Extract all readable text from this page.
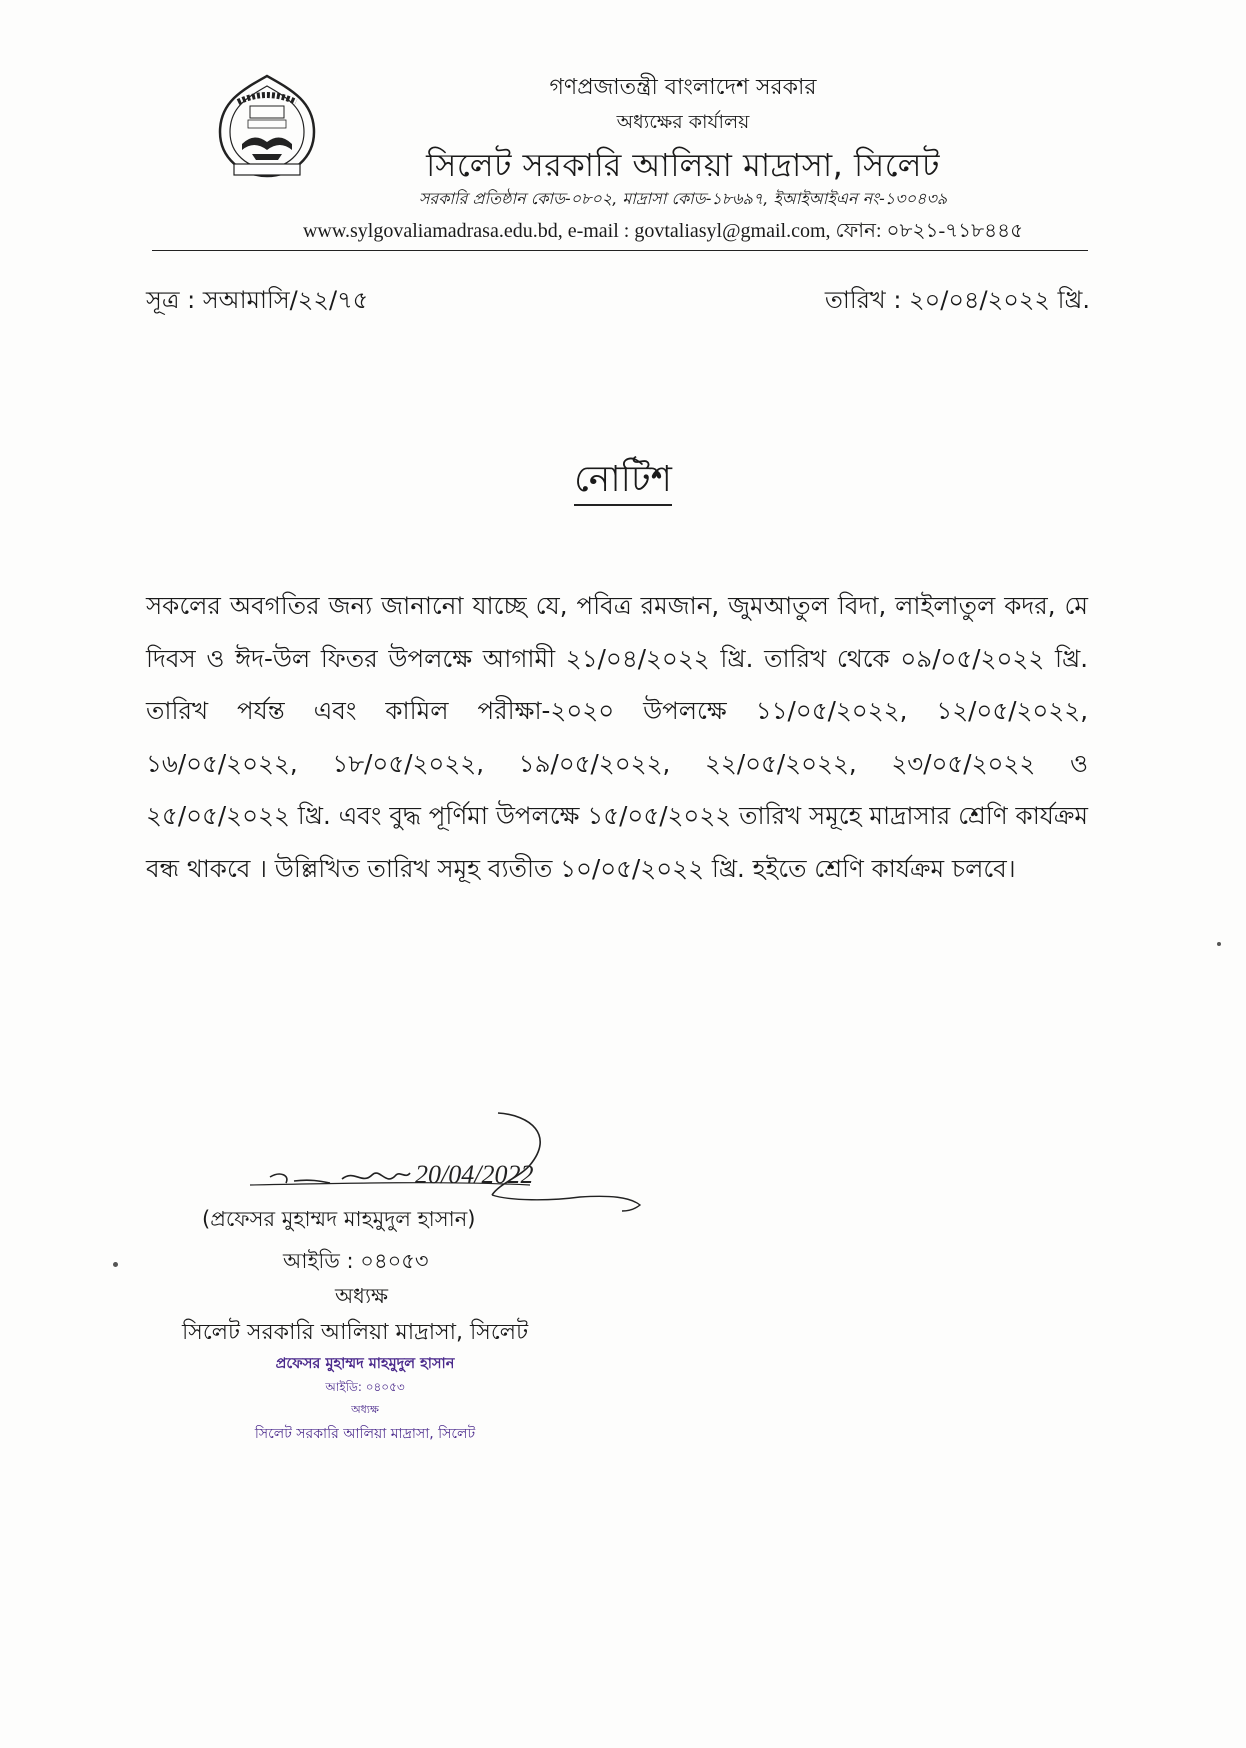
গণপ্রজাতন্ত্রী বাংলাদেশ সরকার
অধ্যক্ষের কার্যালয়
সিলেট সরকারি আলিয়া মাদ্রাসা, সিলেট
সরকারি প্রতিষ্ঠান কোড-০৮০২, মাদ্রাসা কোড-১৮৬৯৭, ইআইআইএন নং-১৩০৪৩৯
www.sylgovaliamadrasa.edu.bd, e-mail : govtaliasyl@gmail.com, ফোন: ০৮২১-৭১৮৪৪৫
সূত্র : সআমাসি/২২/৭৫	তারিখ : ২০/০৪/২০২২ খ্রি.
নোটিশ
সকলের অবগতির জন্য জানানো যাচ্ছে যে, পবিত্র রমজান, জুমআতুল বিদা, লাইলাতুল কদর, মে দিবস ও ঈদ-উল ফিতর উপলক্ষে আগামী ২১/০৪/২০২২ খ্রি. তারিখ থেকে ০৯/০৫/২০২২ খ্রি. তারিখ পর্যন্ত এবং কামিল পরীক্ষা-২০২০ উপলক্ষে ১১/০৫/২০২২, ১২/০৫/২০২২, ১৬/০৫/২০২২, ১৮/০৫/২০২২, ১৯/০৫/২০২২, ২২/০৫/২০২২, ২৩/০৫/২০২২ ও ২৫/০৫/২০২২ খ্রি. এবং বুদ্ধ পূর্ণিমা উপলক্ষে ১৫/০৫/২০২২ তারিখ সমূহে মাদ্রাসার শ্রেণি কার্যক্রম বন্ধ থাকবে । উল্লিখিত তারিখ সমূহ ব্যতীত ১০/০৫/২০২২ খ্রি. হইতে শ্রেণি কার্যক্রম চলবে।
20/04/2022
(প্রফেসর মুহাম্মদ মাহমুদুল হাসান)
আইডি : ০৪০৫৩
অধ্যক্ষ
সিলেট সরকারি আলিয়া মাদ্রাসা, সিলেট
প্রফেসর মুহাম্মদ মাহমুদুল হাসান
আইডি: ০৪০৫৩
অধ্যক্ষ
সিলেট সরকারি আলিয়া মাদ্রাসা, সিলেট
